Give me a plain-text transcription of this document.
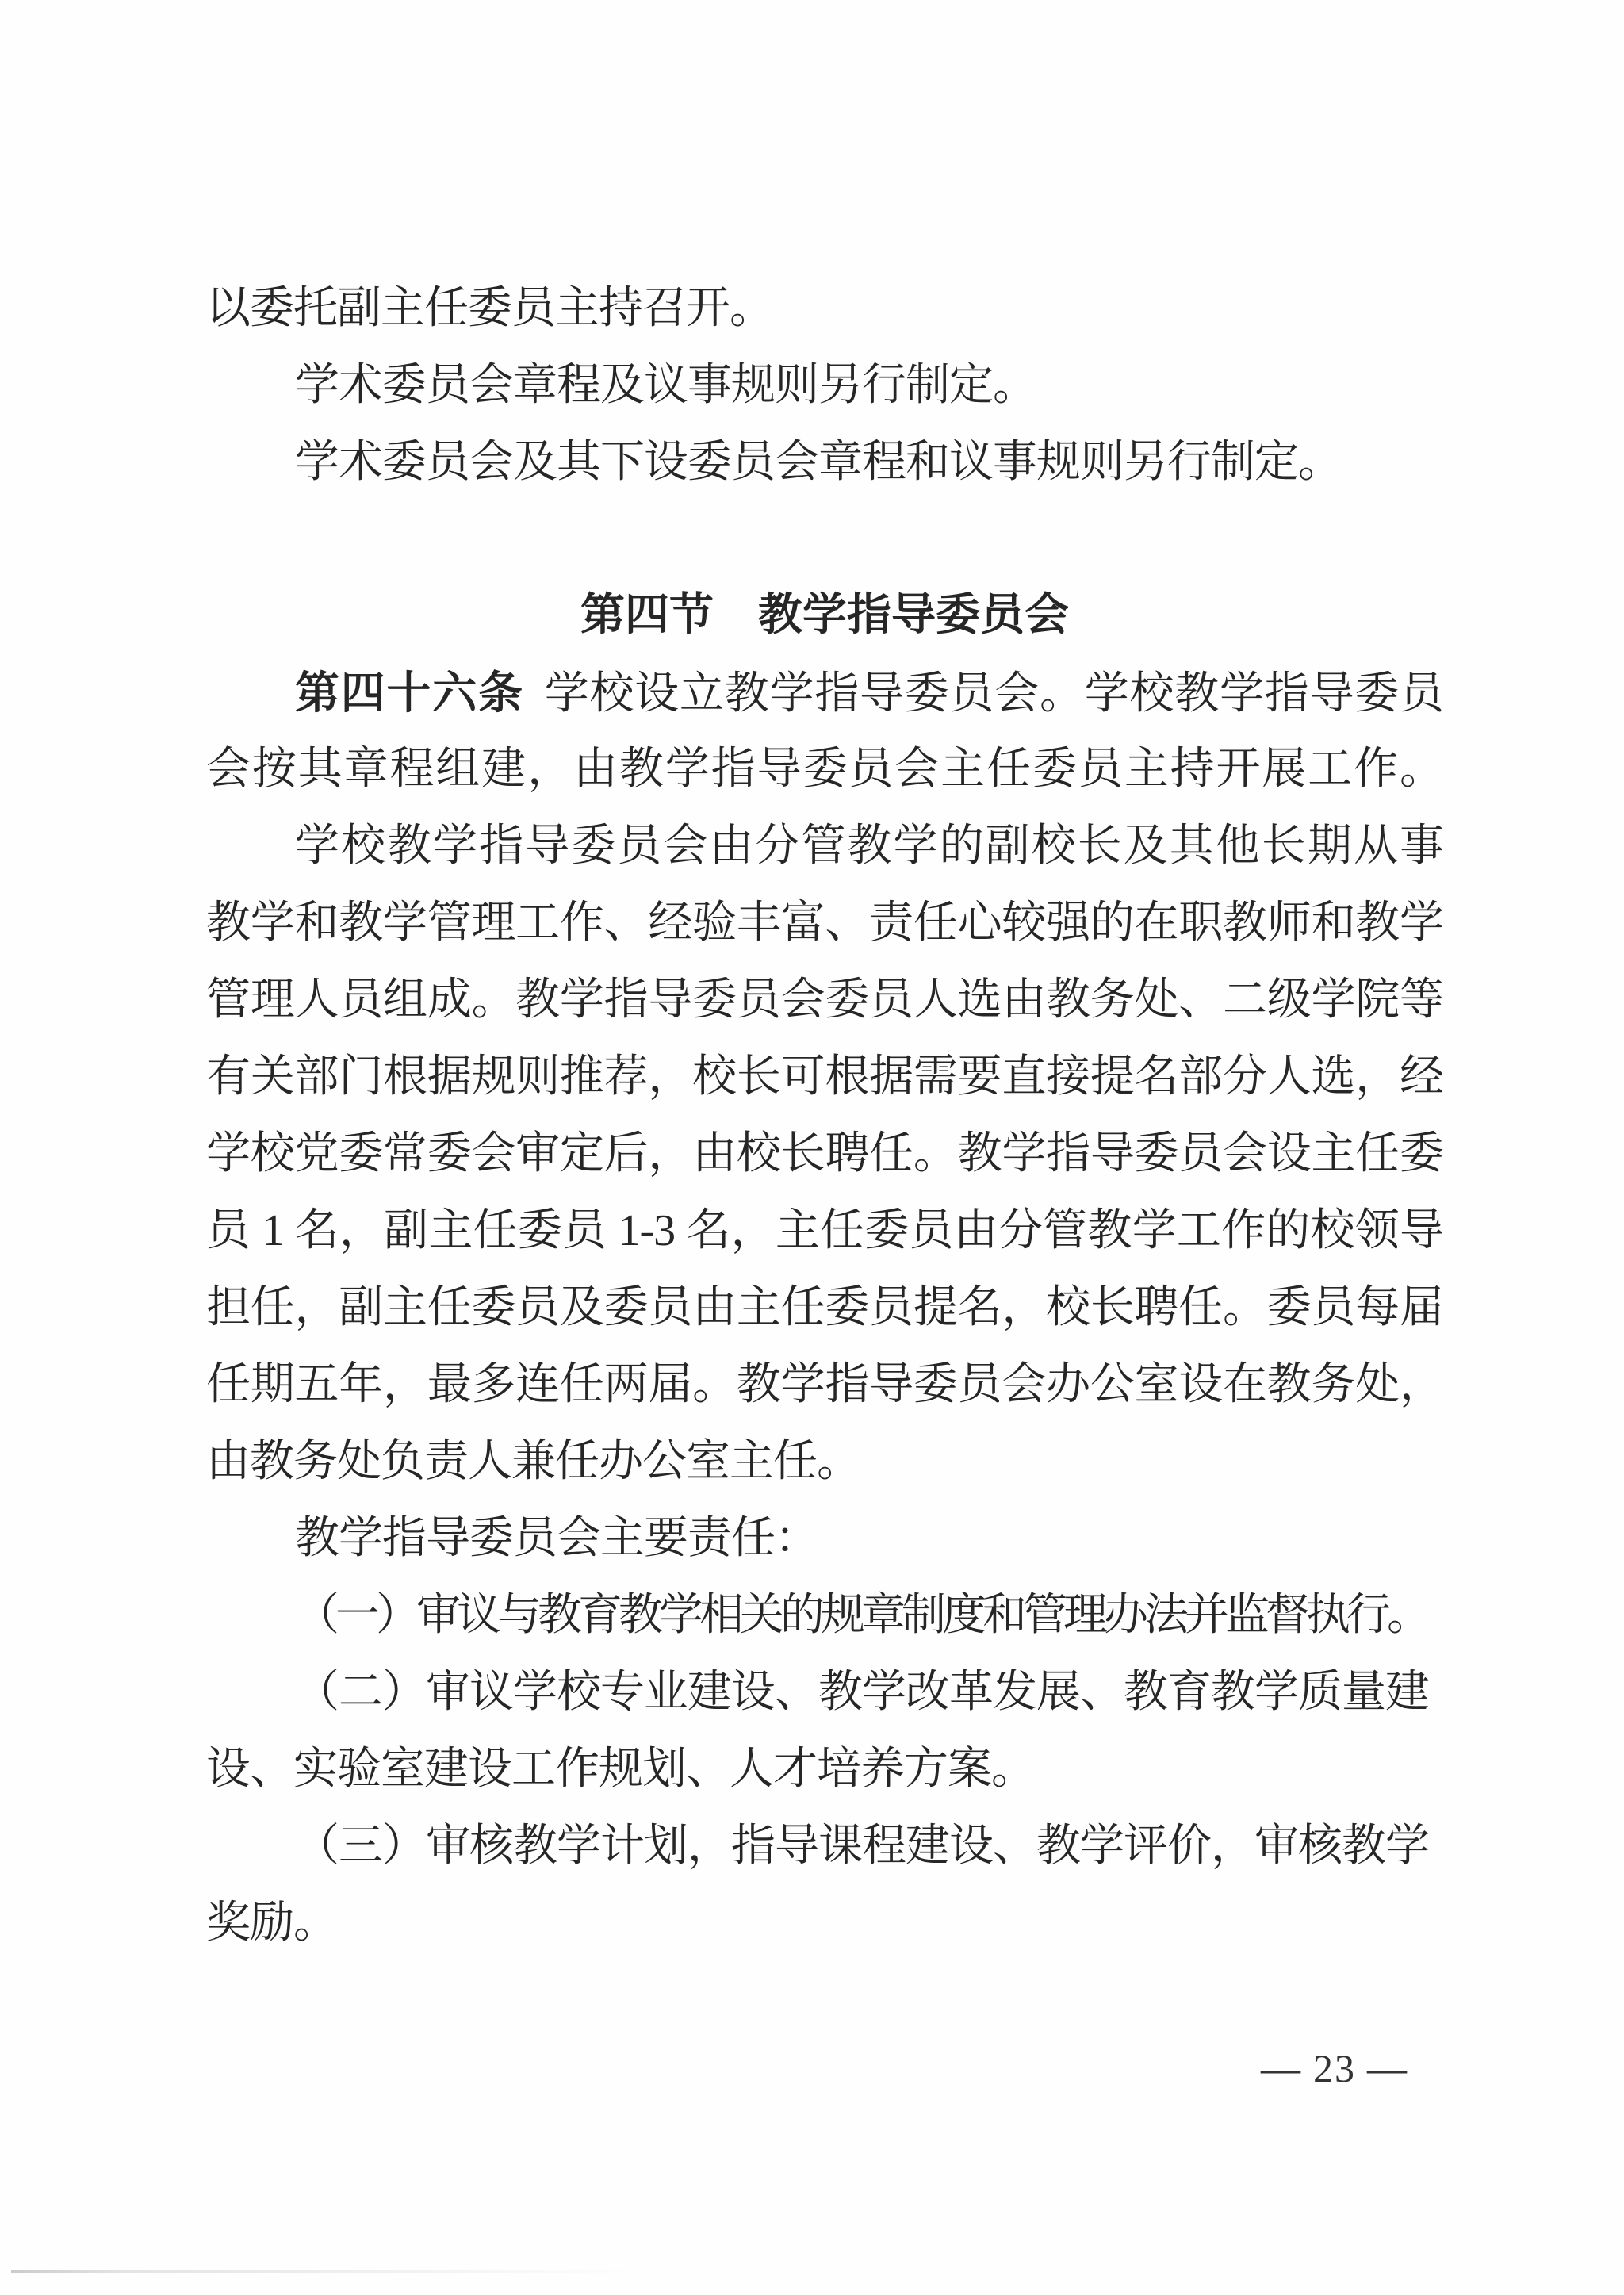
以委托副主任委员主持召开。
学术委员会章程及议事规则另行制定。
学术委员会及其下设委员会章程和议事规则另行制定。
第四节　教学指导委员会
第四十六条 学校设立教学指导委员会。学校教学指导委员
会按其章程组建，由教学指导委员会主任委员主持开展工作。
学校教学指导委员会由分管教学的副校长及其他长期从事
教学和教学管理工作、经验丰富、责任心较强的在职教师和教学
管理人员组成。教学指导委员会委员人选由教务处、二级学院等
有关部门根据规则推荐，校长可根据需要直接提名部分人选，经
学校党委常委会审定后，由校长聘任。教学指导委员会设主任委
员 1 名，副主任委员 1-3 名，主任委员由分管教学工作的校领导
担任，副主任委员及委员由主任委员提名，校长聘任。委员每届
任期五年，最多连任两届。教学指导委员会办公室设在教务处，
由教务处负责人兼任办公室主任。
教学指导委员会主要责任：
（一）审议与教育教学相关的规章制度和管理办法并监督执行。
（二）审议学校专业建设、教学改革发展、教育教学质量建
设、实验室建设工作规划、人才培养方案。
（三）审核教学计划，指导课程建设、教学评价，审核教学
奖励。
— 23 —
